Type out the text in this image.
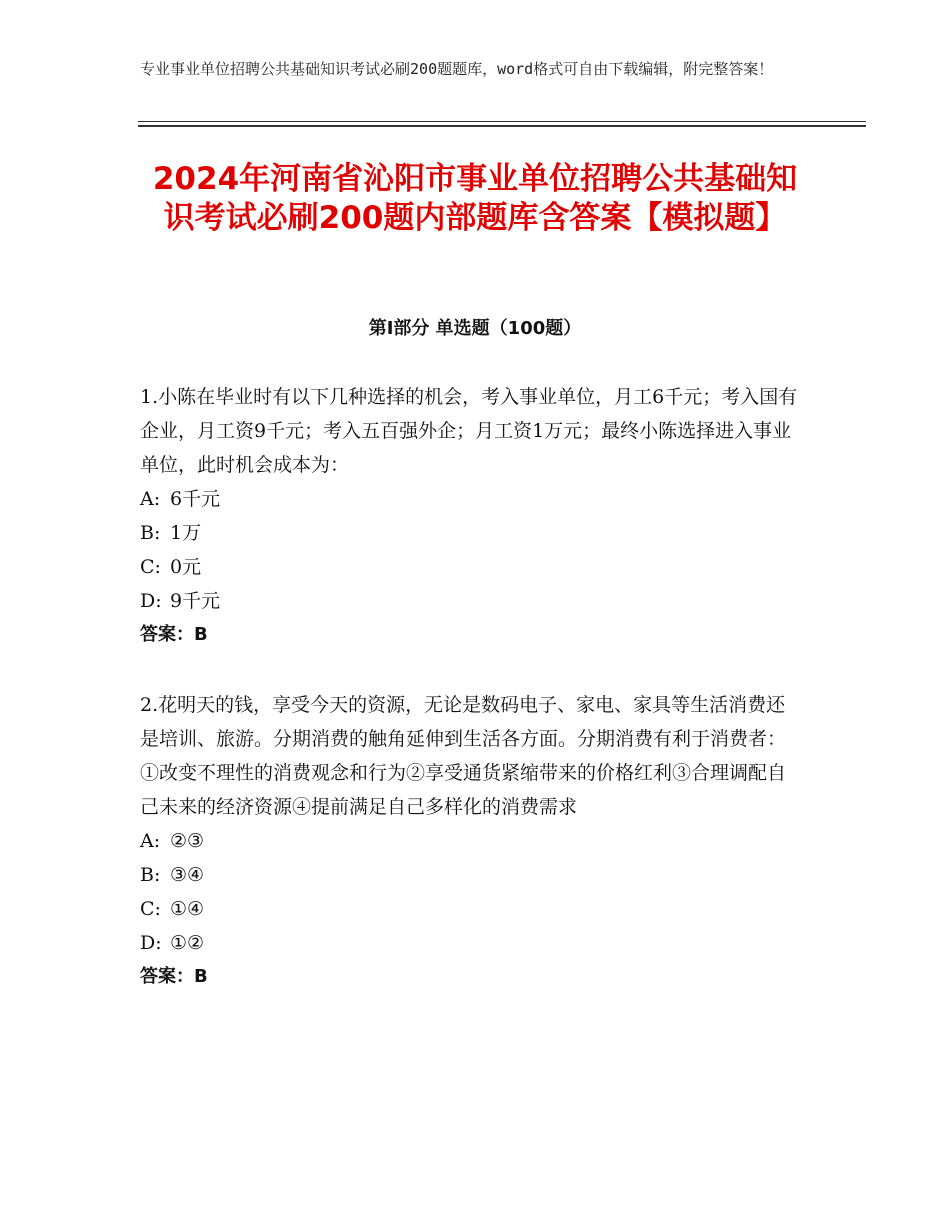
专业事业单位招聘公共基础知识考试必刷200题题库，word格式可自由下载编辑，附完整答案！
2024年河南省沁阳市事业单位招聘公共基础知识考试必刷200题内部题库含答案【模拟题】
第Ⅰ部分 单选题（100题）

1.小陈在毕业时有以下几种选择的机会，考入事业单位，月工6千元；考入国有企业，月工资9千元；考入五百强外企；月工资1万元；最终小陈选择进入事业单位，此时机会成本为：

A: 6千元
B: 1万
C: 0元
D: 9千元

答案：B

2.花明天的钱，享受今天的资源，无论是数码电子、家电、家具等生活消费还是培训、旅游。分期消费的触角延伸到生活各方面。分期消费有利于消费者：①改变不理性的消费观念和行为②享受通货紧缩带来的价格红利③合理调配自己未来的经济资源④提前满足自己多样化的消费需求

A: ②③
B: ③④
C: ①④
D: ①②

答案：B
